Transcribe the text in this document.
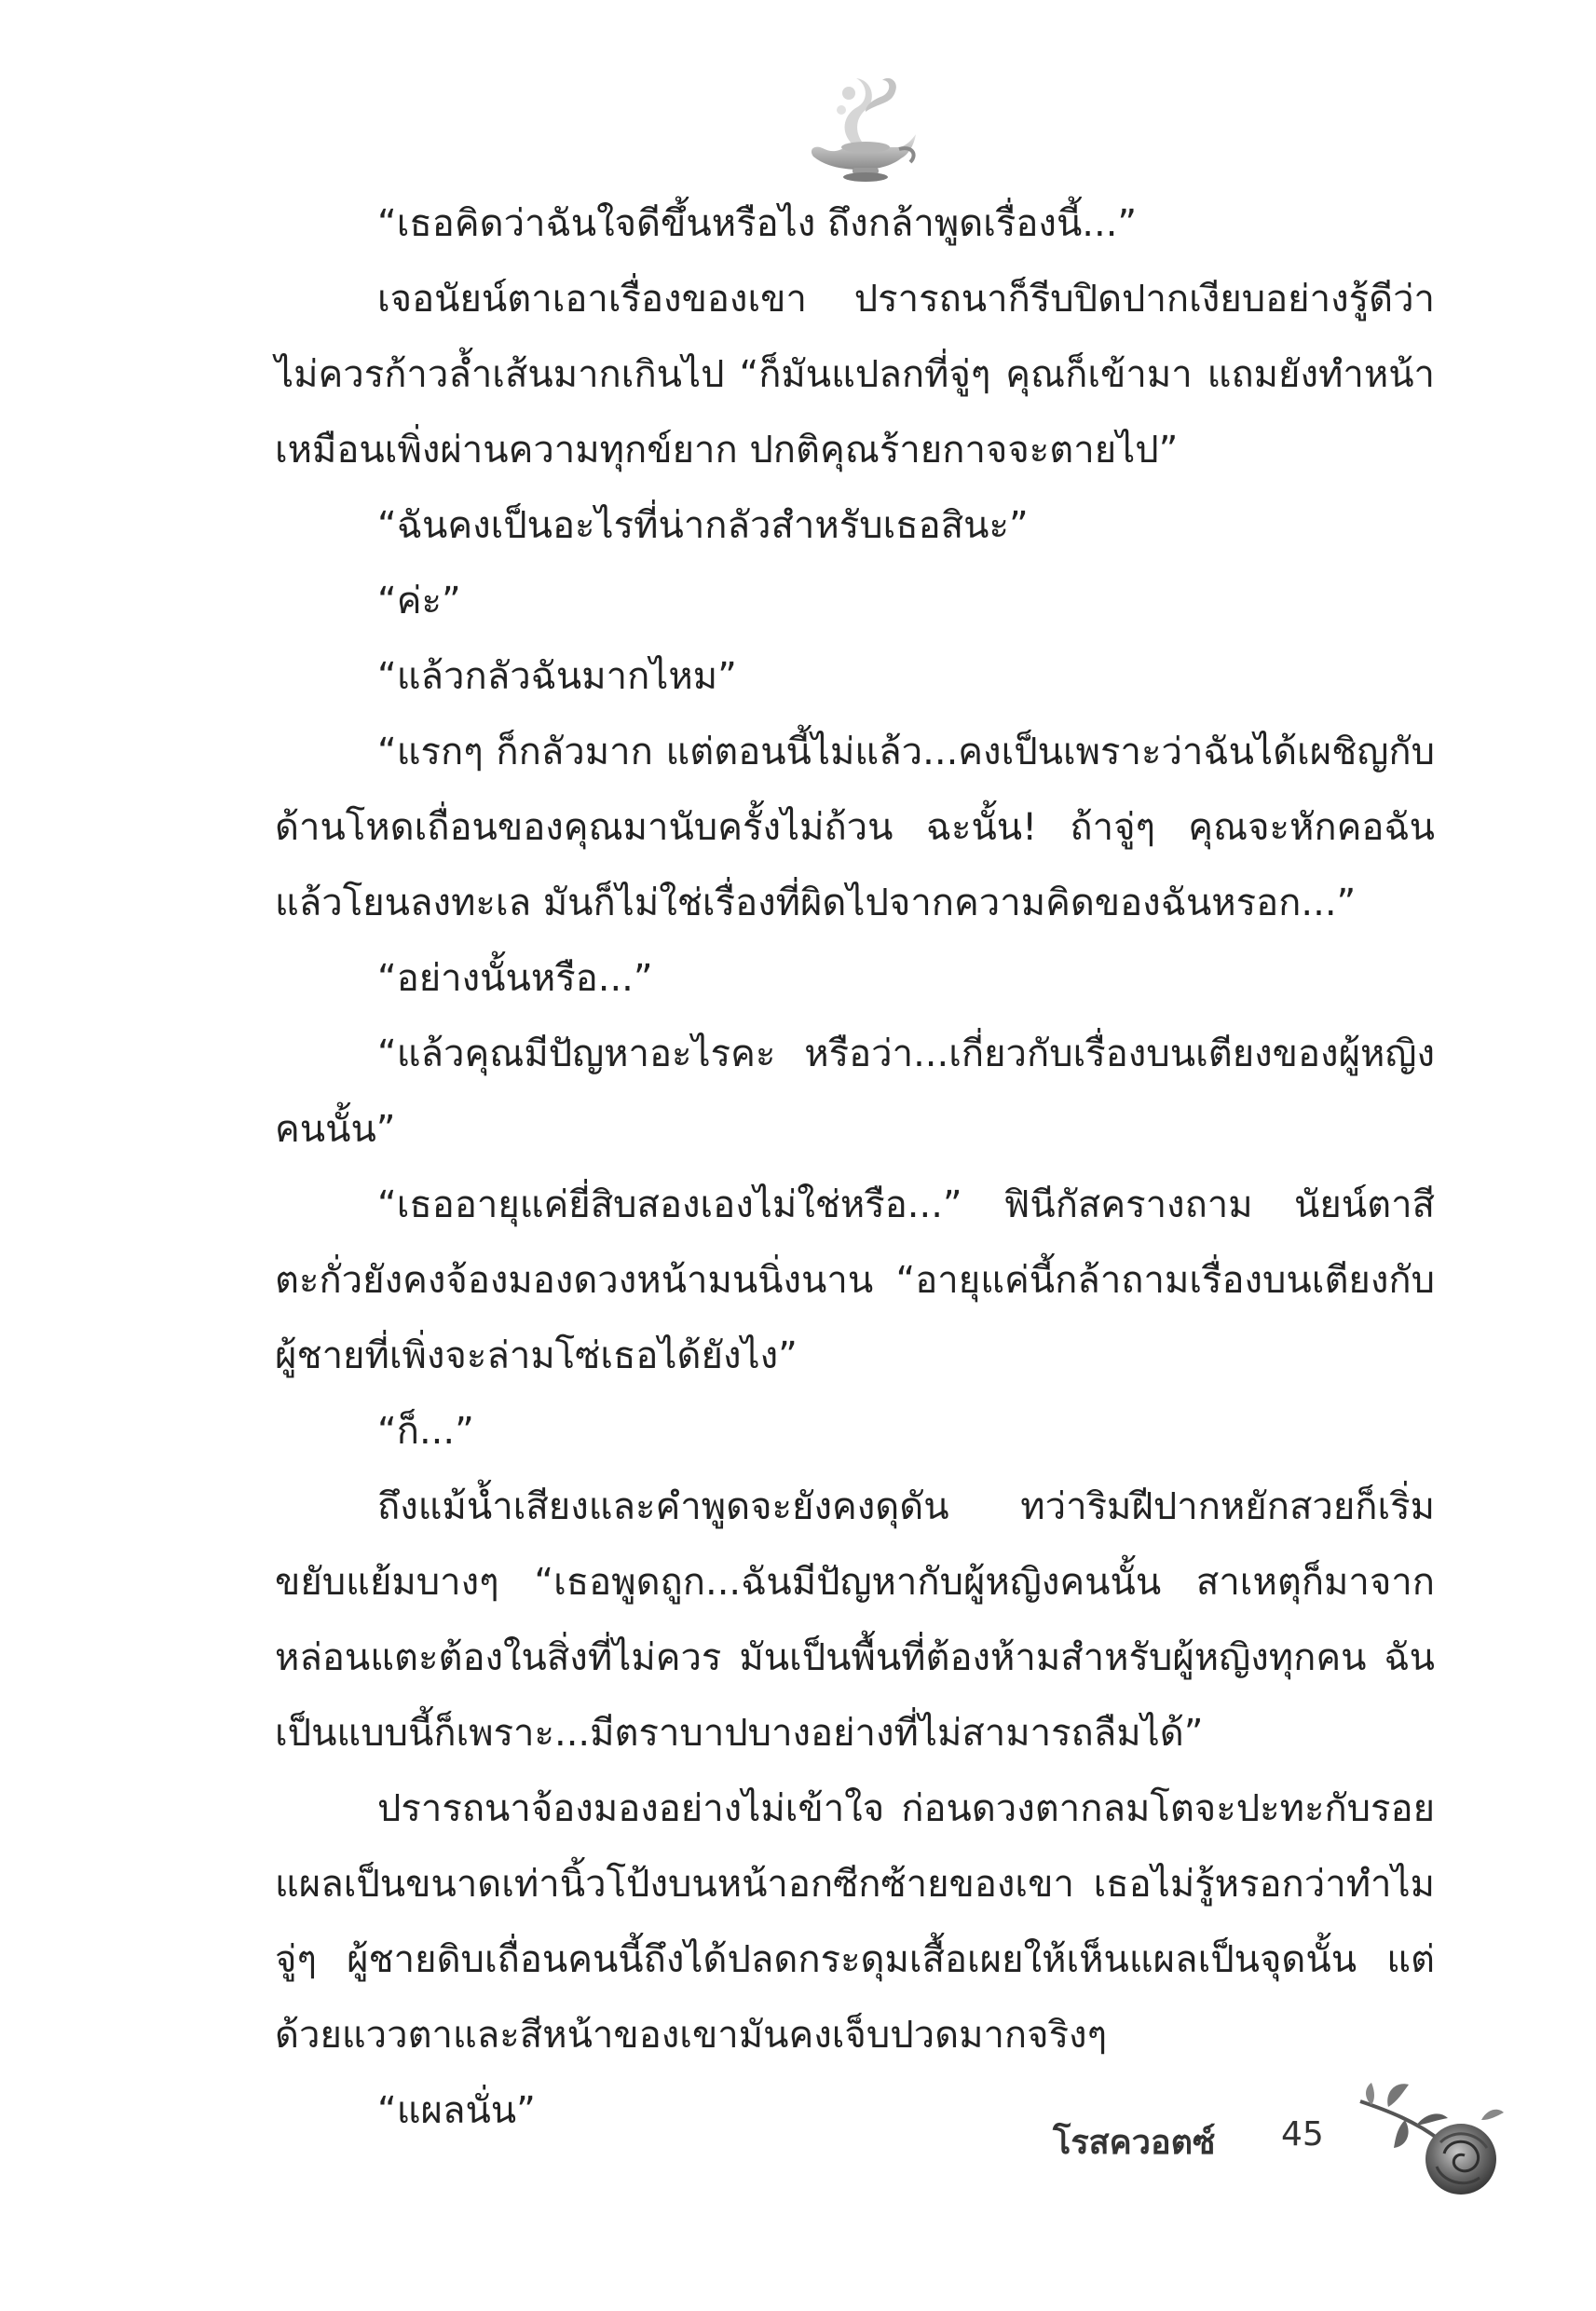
“เธอคิดว่าฉันใจดีขึ้นหรือไง ถึงกล้าพูดเรื่องนี้...”

เจอนัยน์ตาเอาเรื่องของเขา ปรารถนาก็รีบปิดปากเงียบอย่างรู้ดีว่าไม่ควรก้าวล้ำเส้นมากเกินไป “ก็มันแปลกที่จู่ๆ คุณก็เข้ามา แถมยังทำหน้าเหมือนเพิ่งผ่านความทุกข์ยาก ปกติคุณร้ายกาจจะตายไป”

“ฉันคงเป็นอะไรที่น่ากลัวสำหรับเธอสินะ”

“ค่ะ”

“แล้วกลัวฉันมากไหม”

“แรกๆ ก็กลัวมาก แต่ตอนนี้ไม่แล้ว...คงเป็นเพราะว่าฉันได้เผชิญกับด้านโหดเถื่อนของคุณมานับครั้งไม่ถ้วน ฉะนั้น! ถ้าจู่ๆ คุณจะหักคอฉันแล้วโยนลงทะเล มันก็ไม่ใช่เรื่องที่ผิดไปจากความคิดของฉันหรอก...”

“อย่างนั้นหรือ...”

“แล้วคุณมีปัญหาอะไรคะ หรือว่า...เกี่ยวกับเรื่องบนเตียงของผู้หญิงคนนั้น”

“เธออายุแค่ยี่สิบสองเองไม่ใช่หรือ...” ฟินีกัสครางถาม นัยน์ตาสีตะกั่วยังคงจ้องมองดวงหน้ามนนิ่งนาน “อายุแค่นี้กล้าถามเรื่องบนเตียงกับผู้ชายที่เพิ่งจะล่ามโซ่เธอได้ยังไง”

“ก็...”

ถึงแม้น้ำเสียงและคำพูดจะยังคงดุดัน ทว่าริมฝีปากหยักสวยก็เริ่มขยับแย้มบางๆ “เธอพูดถูก...ฉันมีปัญหากับผู้หญิงคนนั้น สาเหตุก็มาจากหล่อนแตะต้องในสิ่งที่ไม่ควร มันเป็นพื้นที่ต้องห้ามสำหรับผู้หญิงทุกคน ฉันเป็นแบบนี้ก็เพราะ...มีตราบาปบางอย่างที่ไม่สามารถลืมได้”

ปรารถนาจ้องมองอย่างไม่เข้าใจ ก่อนดวงตากลมโตจะปะทะกับรอยแผลเป็นขนาดเท่านิ้วโป้งบนหน้าอกซีกซ้ายของเขา เธอไม่รู้หรอกว่าทำไมจู่ๆ ผู้ชายดิบเถื่อนคนนี้ถึงได้ปลดกระดุมเสื้อเผยให้เห็นแผลเป็นจุดนั้น แต่ด้วยแววตาและสีหน้าของเขามันคงเจ็บปวดมากจริงๆ

“แผลนั่น”

โรสควอตซ์ 45
